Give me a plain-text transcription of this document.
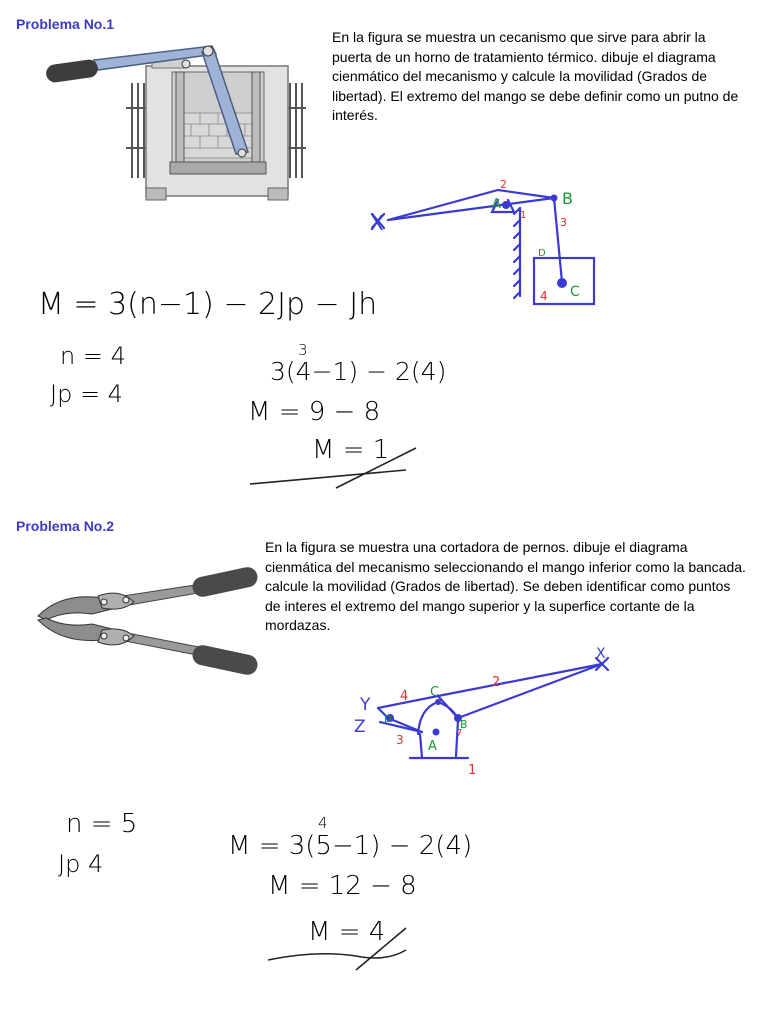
Problema No.1
En la figura se muestra un cecanismo que sirve para abrir la puerta de un horno de tratamiento térmico. dibuje el diagrama cienmático del mecanismo y calcule la movilidad (Grados de libertad). El extremo del mango se debe definir como un putno de interés.
X
A	B
C
D
2
1
3
4
M = 3(n−1) − 2Jp − Jh
n = 4
Jp = 4
3
3(4−1) − 2(4)
M = 9 − 8
M = 1
Problema No.2
En la figura se muestra una cortadora de pernos. dibuje el diagrama cienmática del mecanismo seleccionando el mango inferior como la bancada. calcule la movilidad (Grados de libertad). Se deben identificar como puntos de interes el extremo del mango superior y la superfice cortante de la mordazas.
X
Y
Z
A
B
C
D
2
4
3	7
1
n = 5
Jp 4
4
M = 3(5−1) − 2(4)
M = 12 − 8
M = 4
